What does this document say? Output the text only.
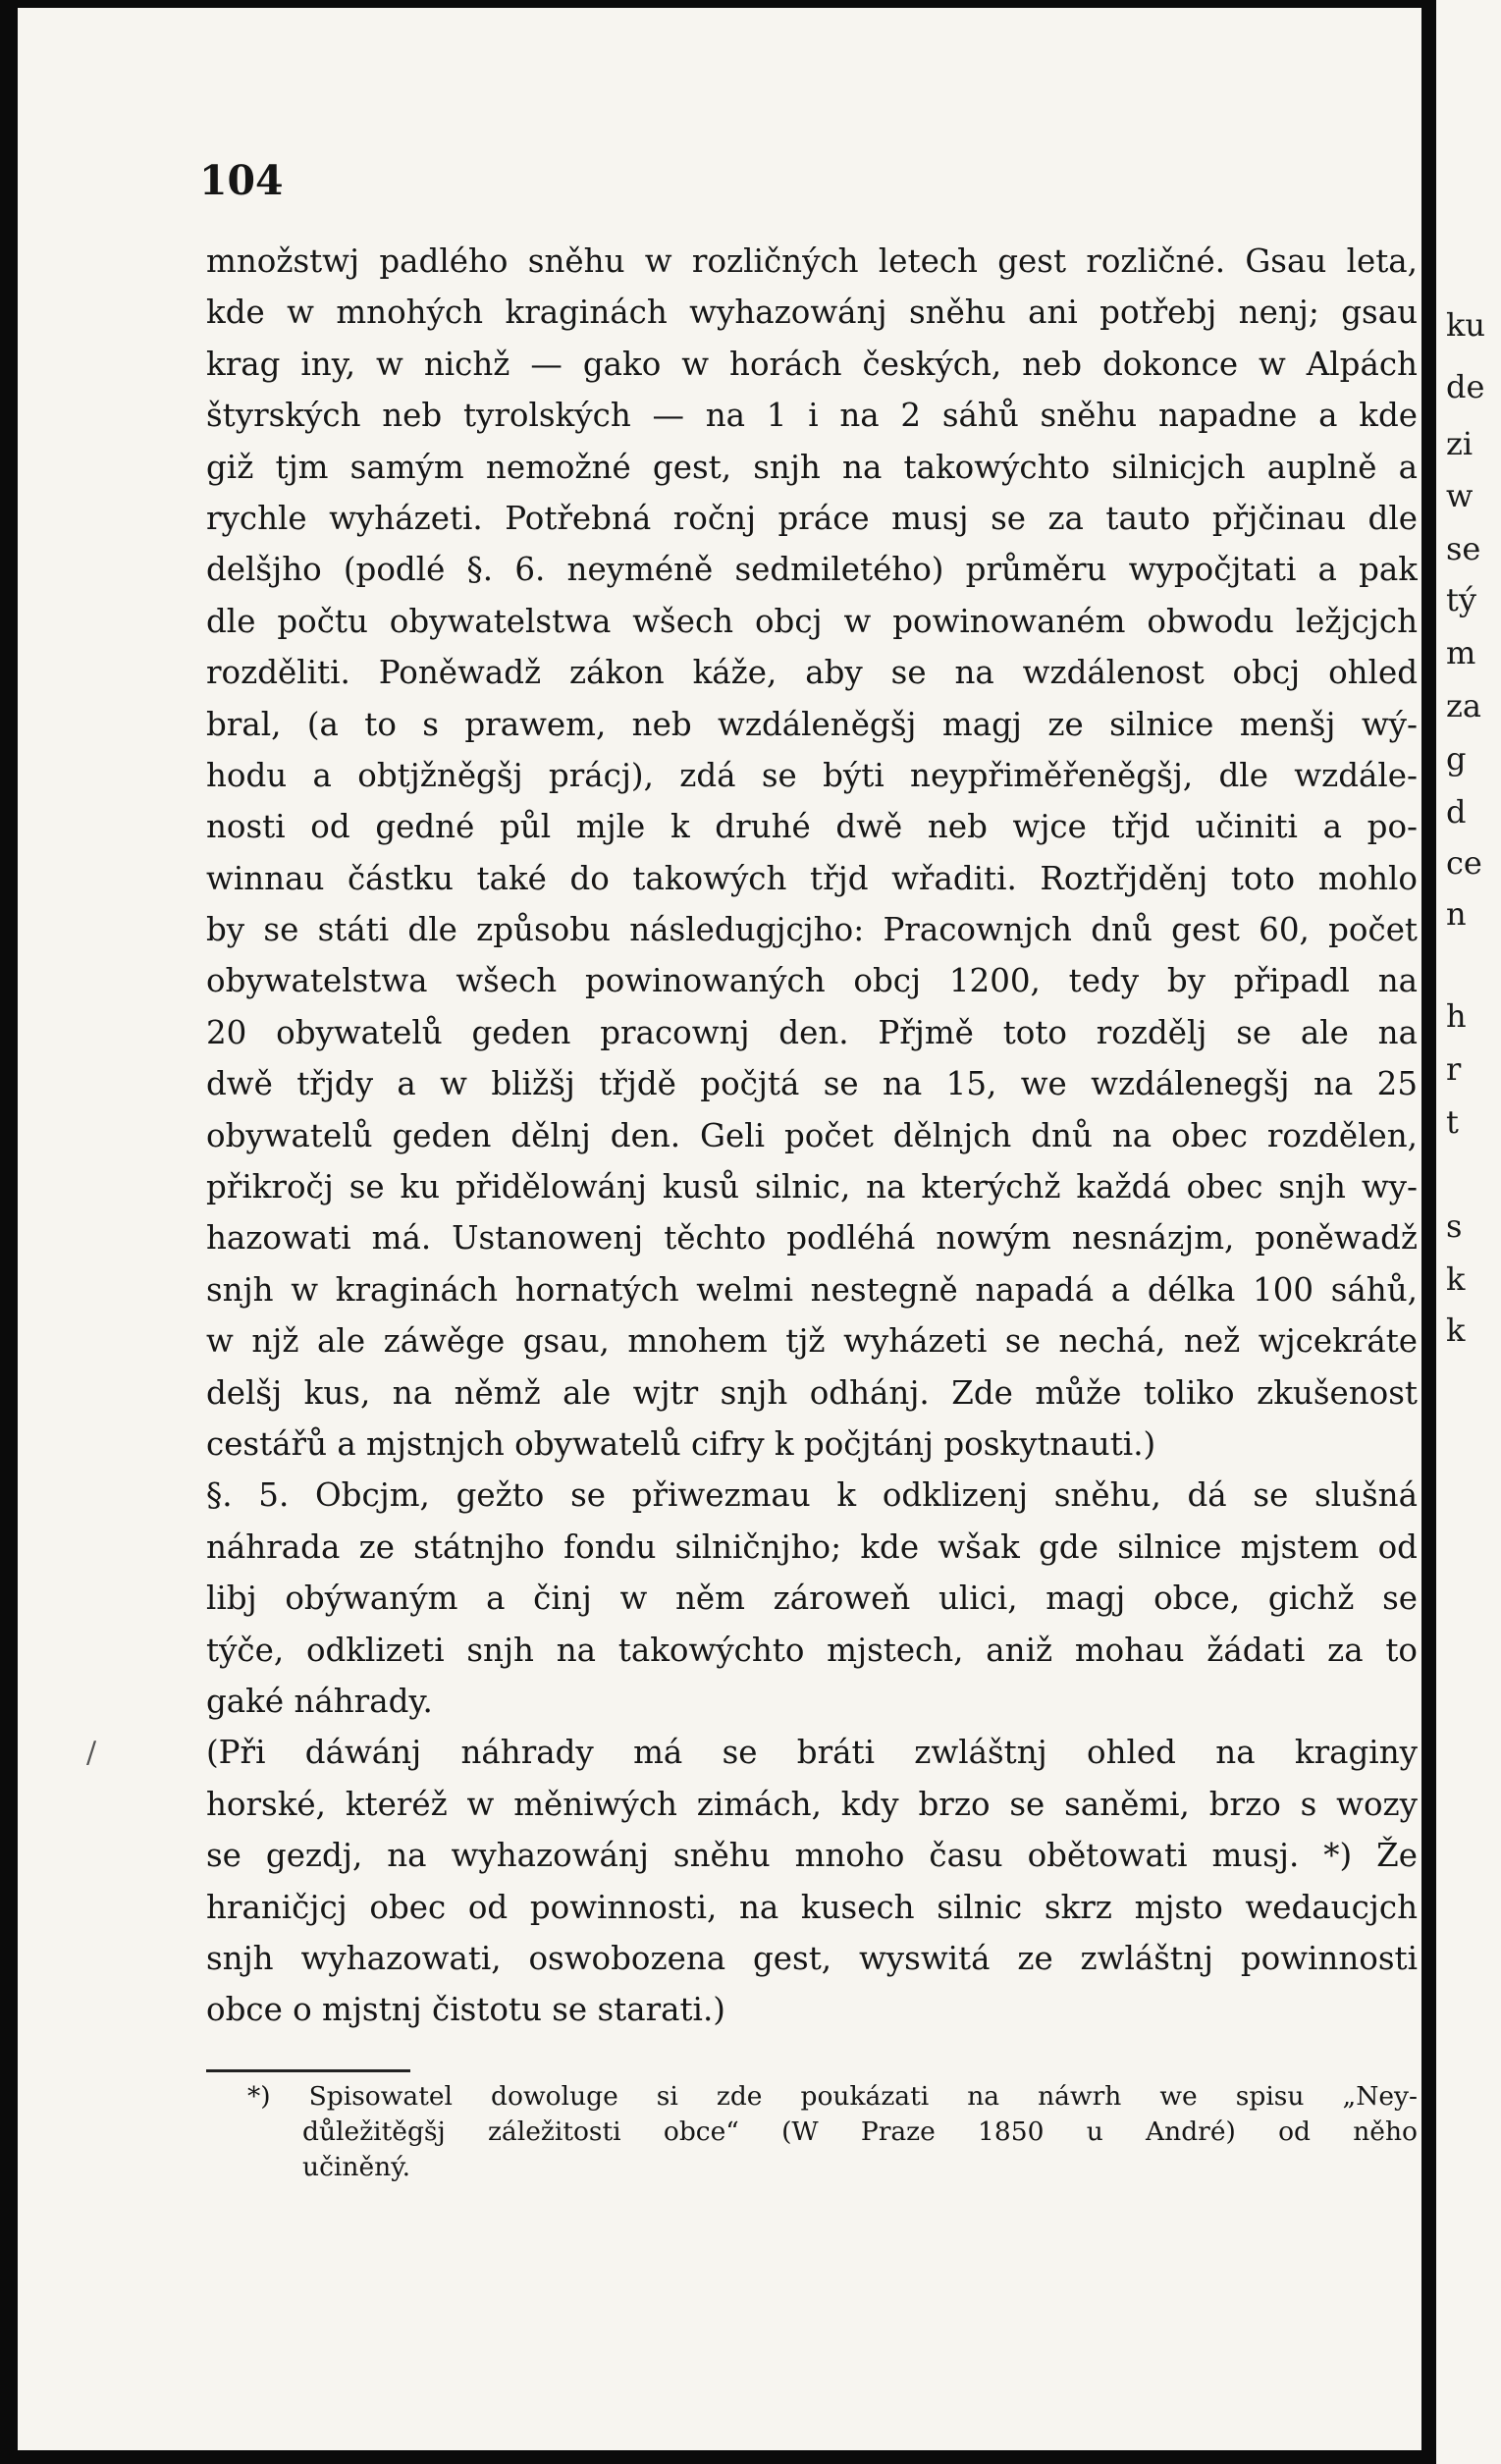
104
množstwj padlého sněhu w rozličných letech gest rozličné. Gsau leta,
kde w mnohých kraginách wyhazowánj sněhu ani potřebj nenj; gsau
krag iny, w nichž — gako w horách českých, neb dokonce w Alpách
štyrských neb tyrolských — na 1 i na 2 sáhů sněhu napadne a kde
giž tjm samým nemožné gest, snjh na takowýchto silnicjch auplně a
rychle wyházeti. Potřebná ročnj práce musj se za tauto přjčinau dle
delšjho (podlé §. 6. neyméně sedmiletého) průměru wypočjtati a pak
dle počtu obywatelstwa wšech obcj w powinowaném obwodu ležjcjch
rozděliti. Poněwadž zákon káže, aby se na wzdálenost obcj ohled
bral, (a to s prawem, neb wzdáleněgšj magj ze silnice menšj wý-
hodu a obtjžněgšj prácj), zdá se býti neypřiměřeněgšj, dle wzdále-
nosti od gedné půl mjle k druhé dwě neb wjce třjd učiniti a po-
winnau částku také do takowých třjd wřaditi. Roztřjděnj toto mohlo
by se státi dle způsobu následugjcjho: Pracownjch dnů gest 60, počet
obywatelstwa wšech powinowaných obcj 1200, tedy by připadl na
20 obywatelů geden pracownj den. Přjmě toto rozdělj se ale na
dwě třjdy a w bližšj třjdě počjtá se na 15, we wzdálenegšj na 25
obywatelů geden dělnj den. Geli počet dělnjch dnů na obec rozdělen,
přikročj se ku přidělowánj kusů silnic, na kterýchž každá obec snjh wy-
hazowati má. Ustanowenj těchto podléhá nowým nesnázjm, poněwadž
snjh w kraginách hornatých welmi nestegně napadá a délka 100 sáhů,
w njž ale záwěge gsau, mnohem tjž wyházeti se nechá, než wjcekráte
delšj kus, na němž ale wjtr snjh odhánj. Zde může toliko zkušenost
cestářů a mjstnjch obywatelů cifry k počjtánj poskytnauti.)
§. 5. Obcjm, gežto se přiwezmau k odklizenj sněhu, dá se slušná
náhrada ze státnjho fondu silničnjho; kde wšak gde silnice mjstem od
libj obýwaným a činj w něm zároweň ulici, magj obce, gichž se
týče, odklizeti snjh na takowýchto mjstech, aniž mohau žádati za to
gaké náhrady.
(Při dáwánj náhrady má se bráti zwláštnj ohled na kraginy
horské, kteréž w měniwých zimách, kdy brzo se saněmi, brzo s wozy
se gezdj, na wyhazowánj sněhu mnoho času obětowati musj. *) Že
hraničjcj obec od powinnosti, na kusech silnic skrz mjsto wedaucjch
snjh wyhazowati, oswobozena gest, wyswitá ze zwláštnj powinnosti
obce o mjstnj čistotu se starati.)
*) Spisowatel dowoluge si zde poukázati na náwrh we spisu „Ney-
důležitěgšj záležitosti obce“ (W Praze 1850 u André) od něho
učiněný.
/
ku
de
zi
w
se
tý
m
za
g
d
ce
n
h
r
t
s
k
k
